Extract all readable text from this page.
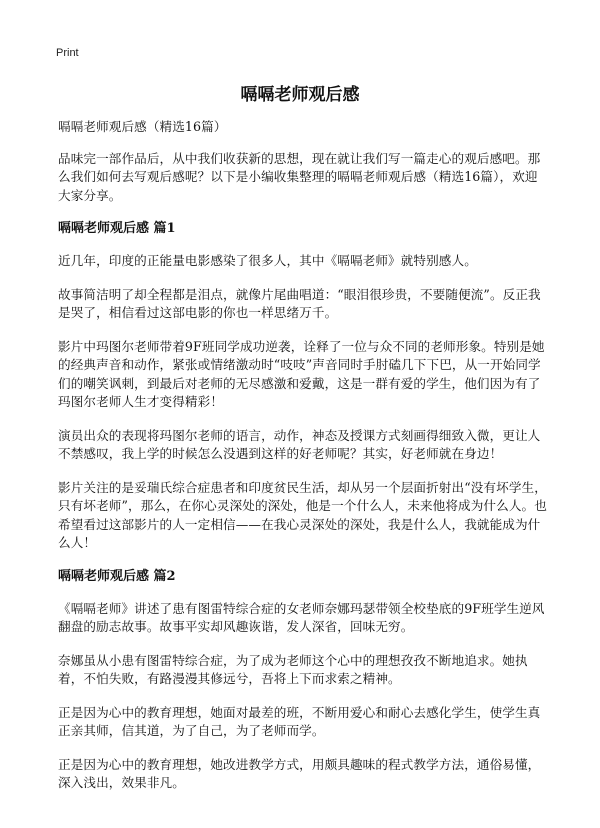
Print
嗝嗝老师观后感

嗝嗝老师观后感（精选16篇）

品味完一部作品后，从中我们收获新的思想，现在就让我们写一篇走心的观后感吧。那么我们如何去写观后感呢？以下是小编收集整理的嗝嗝老师观后感（精选16篇），欢迎大家分享。

嗝嗝老师观后感 篇1

近几年，印度的正能量电影感染了很多人，其中《嗝嗝老师》就特别感人。

故事简洁明了却全程都是泪点，就像片尾曲唱道：“眼泪很珍贵，不要随便流”。反正我是哭了，相信看过这部电影的你也一样思绪万千。

影片中玛图尔老师带着9F班同学成功逆袭，诠释了一位与众不同的老师形象。特别是她的经典声音和动作，紧张或情绪激动时“吱吱”声音同时手肘磕几下下巴，从一开始同学们的嘲笑讽刺，到最后对老师的无尽感激和爱戴，这是一群有爱的学生，他们因为有了玛图尔老师人生才变得精彩！

演员出众的表现将玛图尔老师的语言，动作，神态及授课方式刻画得细致入微，更让人不禁感叹，我上学的时候怎么没遇到这样的好老师呢？其实，好老师就在身边！

影片关注的是妥瑞氏综合症患者和印度贫民生活，却从另一个层面折射出“没有坏学生，只有坏老师”，那么，在你心灵深处的深处，他是一个什么人，未来他将成为什么人。也希望看过这部影片的人一定相信——在我心灵深处的深处，我是什么人，我就能成为什么人！

嗝嗝老师观后感 篇2

《嗝嗝老师》讲述了患有图雷特综合症的女老师奈娜玛瑟带领全校垫底的9F班学生逆风翻盘的励志故事。故事平实却风趣诙谐，发人深省，回味无穷。

奈娜虽从小患有图雷特综合症，为了成为老师这个心中的理想孜孜不断地追求。她执着，不怕失败，有路漫漫其修远兮，吾将上下而求索之精神。

正是因为心中的教育理想，她面对最差的班，不断用爱心和耐心去感化学生，使学生真正亲其师，信其道，为了自己，为了老师而学。

正是因为心中的教育理想，她改进教学方式，用颇具趣味的程式教学方法，通俗易懂，深入浅出，效果非凡。
